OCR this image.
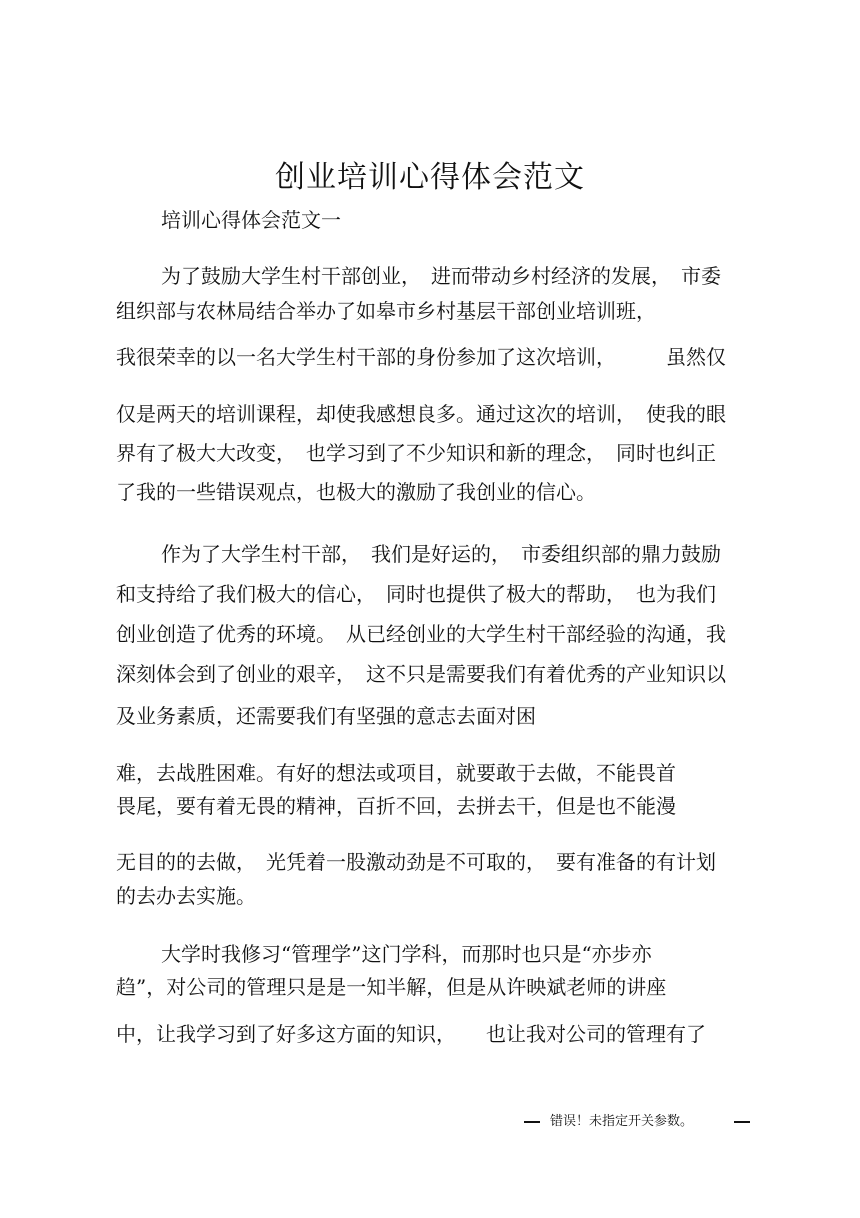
创业培训心得体会范文
培训心得体会范文一
为了鼓励大学生村干部创业，　进而带动乡村经济的发展，　市委
组织部与农林局结合举办了如皋市乡村基层干部创业培训班，
我很荣幸的以一名大学生村干部的身份参加了这次培训，　　　虽然仅
仅是两天的培训课程，却使我感想良多。通过这次的培训，　使我的眼
界有了极大大改变，　也学习到了不少知识和新的理念，　同时也纠正
了我的一些错误观点，也极大的激励了我创业的信心。
作为了大学生村干部，　我们是好运的，　市委组织部的鼎力鼓励
和支持给了我们极大的信心，　同时也提供了极大的帮助，　也为我们
创业创造了优秀的环境。　从已经创业的大学生村干部经验的沟通，我
深刻体会到了创业的艰辛，　这不只是需要我们有着优秀的产业知识以
及业务素质，还需要我们有坚强的意志去面对困
难，去战胜困难。有好的想法或项目，就要敢于去做，不能畏首
畏尾，要有着无畏的精神，百折不回，去拼去干，但是也不能漫
无目的的去做，　光凭着一股激动劲是不可取的，　要有准备的有计划
的去办去实施。
大学时我修习“管理学”这门学科，而那时也只是“亦步亦
趋”，对公司的管理只是是一知半解，但是从许映斌老师的讲座
中，让我学习到了好多这方面的知识，　　也让我对公司的管理有了
错误！未指定开关参数。
